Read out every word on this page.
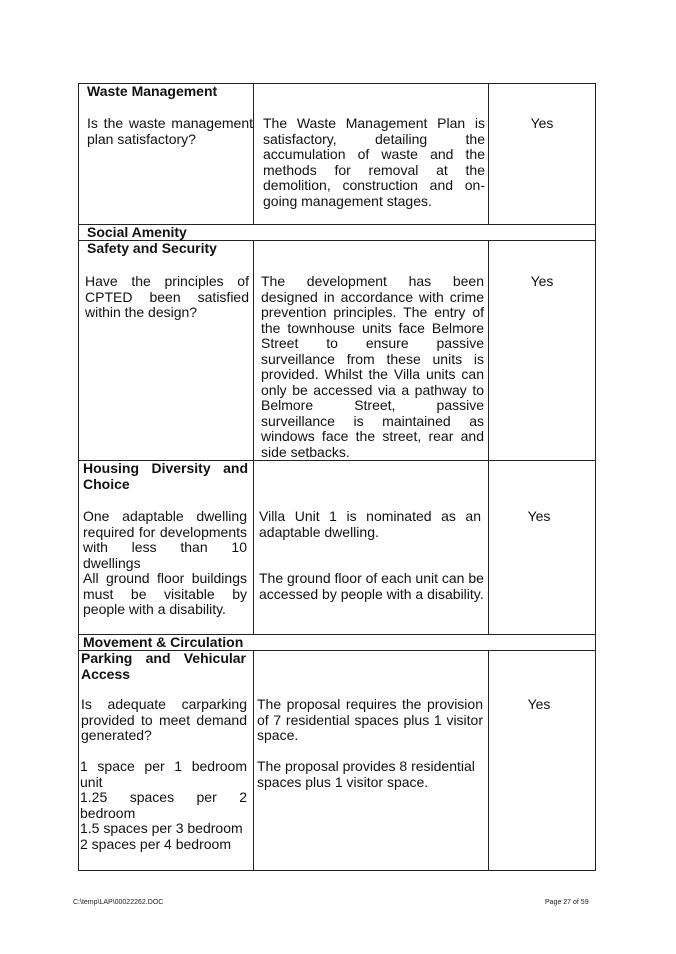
Waste Management
Is the waste management plan satisfactory?
The Waste Management Plan is satisfactory, detailing the accumulation of waste and the methods for removal at the demolition, construction and on-going management stages.
Yes
Social Amenity
Safety and Security
Have the principles of CPTED been satisfied within the design?
The development has been designed in accordance with crime prevention principles. The entry of the townhouse units face Belmore Street to ensure passive surveillance from these units is provided. Whilst the Villa units can only be accessed via a pathway to Belmore Street, passive surveillance is maintained as windows face the street, rear and side setbacks.
Yes
Housing Diversity and Choice
One adaptable dwelling required for developments with less than 10 dwellings
Villa Unit 1 is nominated as an adaptable dwelling.
Yes
All ground floor buildings must be visitable by people with a disability.
The ground floor of each unit can be accessed by people with a disability.
Movement & Circulation
Parking and Vehicular Access
Is adequate carparking provided to meet demand generated?
The proposal requires the provision of 7 residential spaces plus 1 visitor space.
Yes
1 space per 1 bedroom unit
1.25 spaces per 2 bedroom
1.5 spaces per 3 bedroom
2 spaces per 4 bedroom
The proposal provides 8 residential spaces plus 1 visitor space.
C:\temp\LAP\00022262.DOC	Page 27 of 59
